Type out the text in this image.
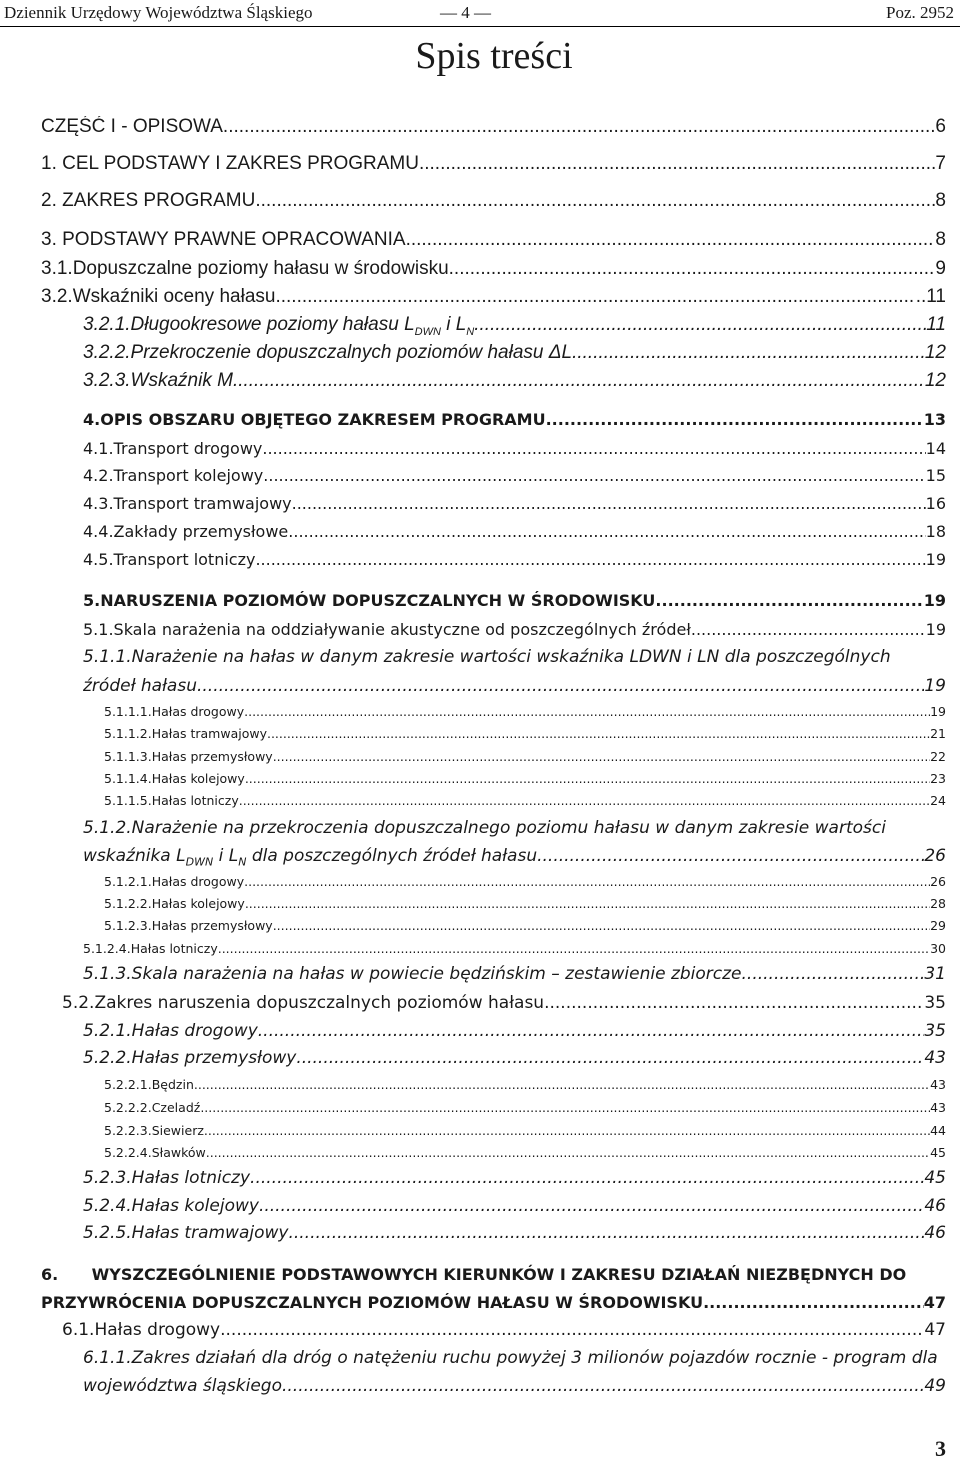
Dziennik Urzędowy Województwa Śląskiego	— 4 —	Poz. 2952
Spis treści
CZĘŚĆ I - OPISOWA .....	6
1. CEL PODSTAWY I ZAKRES PROGRAMU .....	7
2. ZAKRES PROGRAMU .....	8
3. PODSTAWY PRAWNE OPRACOWANIA .....	8
3.1.Dopuszczalne poziomy hałasu w środowisku .....	9
3.2.Wskaźniki oceny hałasu .....	..11
3.2.1.Długookresowe poziomy hałasu $L_{DWN}$ i $L_N$ .....	11
3.2.2.Przekroczenie dopuszczalnych poziomów hałasu ΔL .....	12
3.2.3.Wskaźnik M .....	12
4.OPIS OBSZARU OBJĘTEGO ZAKRESEM PROGRAMU .....	13
4.1.Transport drogowy .....	14
4.2.Transport kolejowy .....	15
4.3.Transport tramwajowy .....	16
4.4.Zakłady przemysłowe .....	18
4.5.Transport lotniczy .....	19
5.NARUSZENIA POZIOMÓW DOPUSZCZALNYCH W ŚRODOWISKU .....	19
5.1.Skala narażenia na oddziaływanie akustyczne od poszczególnych źródeł .....	19
5.1.1.Narażenie na hałas w danym zakresie wartości wskaźnika LDWN i LN dla poszczególnych
źródeł hałasu .....	19
5.1.1.1.Hałas drogowy .....	19
5.1.1.2.Hałas tramwajowy .....	21
5.1.1.3.Hałas przemysłowy .....	22
5.1.1.4.Hałas kolejowy .....	23
5.1.1.5.Hałas lotniczy .....	24
5.1.2.Narażenie na przekroczenia dopuszczalnego poziomu hałasu w danym zakresie wartości
wskaźnika $L_{DWN}$ i $L_N$ dla poszczególnych źródeł hałasu .....	26
5.1.2.1.Hałas drogowy .....	26
5.1.2.2.Hałas kolejowy .....	28
5.1.2.3.Hałas przemysłowy .....	29
5.1.2.4.Hałas lotniczy .....	30
5.1.3.Skala narażenia na hałas w powiecie będzińskim – zestawienie zbiorcze .....	31
5.2.Zakres naruszenia dopuszczalnych poziomów hałasu .....	35
5.2.1.Hałas drogowy .....	35
5.2.2.Hałas przemysłowy .....	43
5.2.2.1.Będzin .....	43
5.2.2.2.Czeladź .....	43
5.2.2.3.Siewierz .....	44
5.2.2.4.Sławków .....	45
5.2.3.Hałas lotniczy .....	45
5.2.4.Hałas kolejowy .....	46
5.2.5.Hałas tramwajowy .....	46
6.      WYSZCZEGÓLNIENIE PODSTAWOWYCH KIERUNKÓW I ZAKRESU DZIAŁAŃ NIEZBĘDNYCH DO
PRZYWRÓCENIA DOPUSZCZALNYCH POZIOMÓW HAŁASU W ŚRODOWISKU .....	47
6.1.Hałas drogowy .....	47
6.1.1.Zakres działań dla dróg o natężeniu ruchu powyżej 3 milionów pojazdów rocznie - program dla
województwa śląskiego .....	49
3
